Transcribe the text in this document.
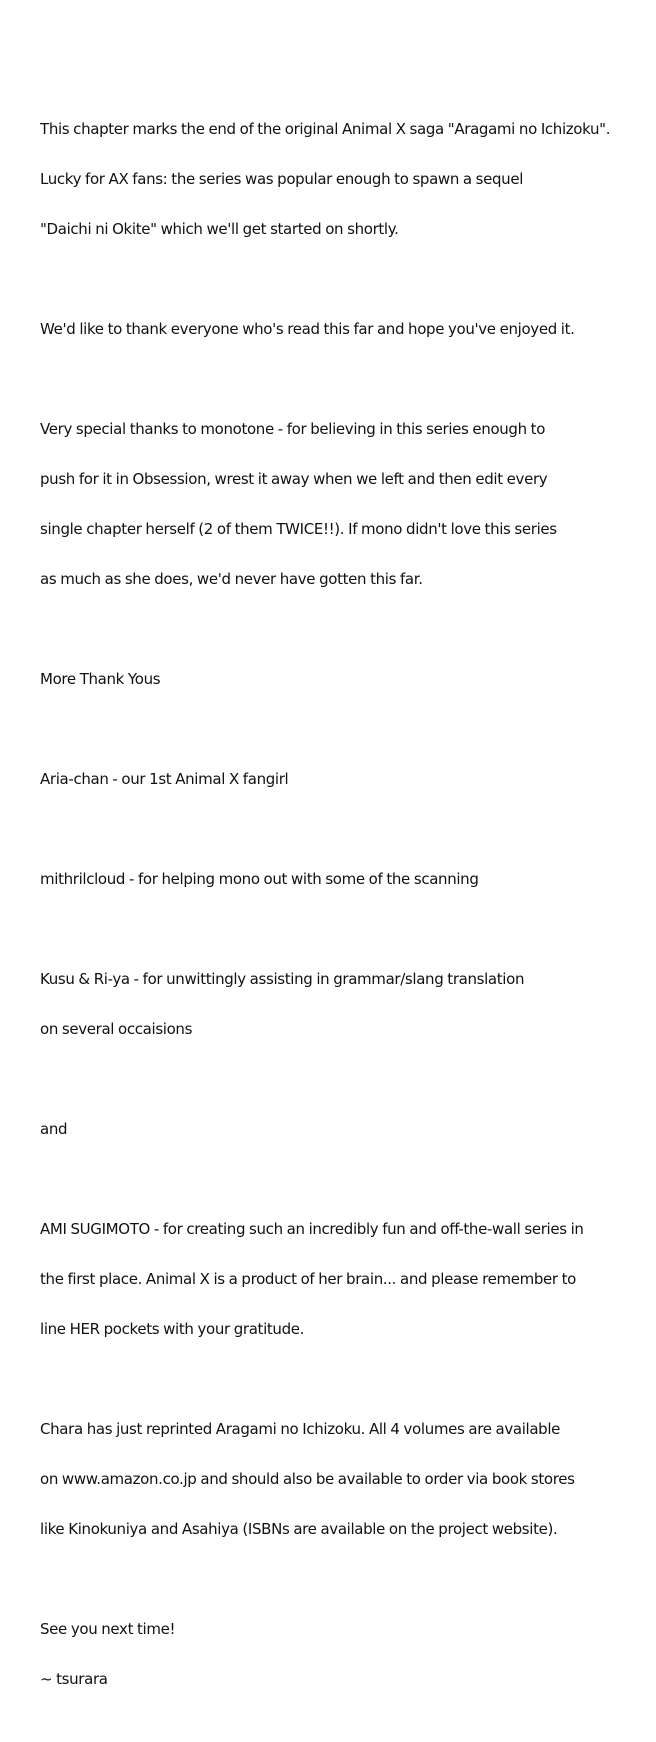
This chapter marks the end of the original Animal X saga "Aragami no Ichizoku".

Lucky for AX fans: the series was popular enough to spawn a sequel

"Daichi ni Okite" which we'll get started on shortly.

We'd like to thank everyone who's read this far and hope you've enjoyed it.

Very special thanks to monotone - for believing in this series enough to

push for it in Obsession, wrest it away when we left and then edit every

single chapter herself (2 of them TWICE!!). If mono didn't love this series

as much as she does, we'd never have gotten this far.

More Thank Yous

Aria-chan - our 1st Animal X fangirl

mithrilcloud - for helping mono out with some of the scanning

Kusu & Ri-ya - for unwittingly assisting in grammar/slang translation

on several occaisions

and

AMI SUGIMOTO - for creating such an incredibly fun and off-the-wall series in

the first place. Animal X is a product of her brain... and please remember to

line HER pockets with your gratitude.

Chara has just reprinted Aragami no Ichizoku. All 4 volumes are available

on www.amazon.co.jp and should also be available to order via book stores

like Kinokuniya and Asahiya (ISBNs are available on the project website).

See you next time!

~ tsurara
